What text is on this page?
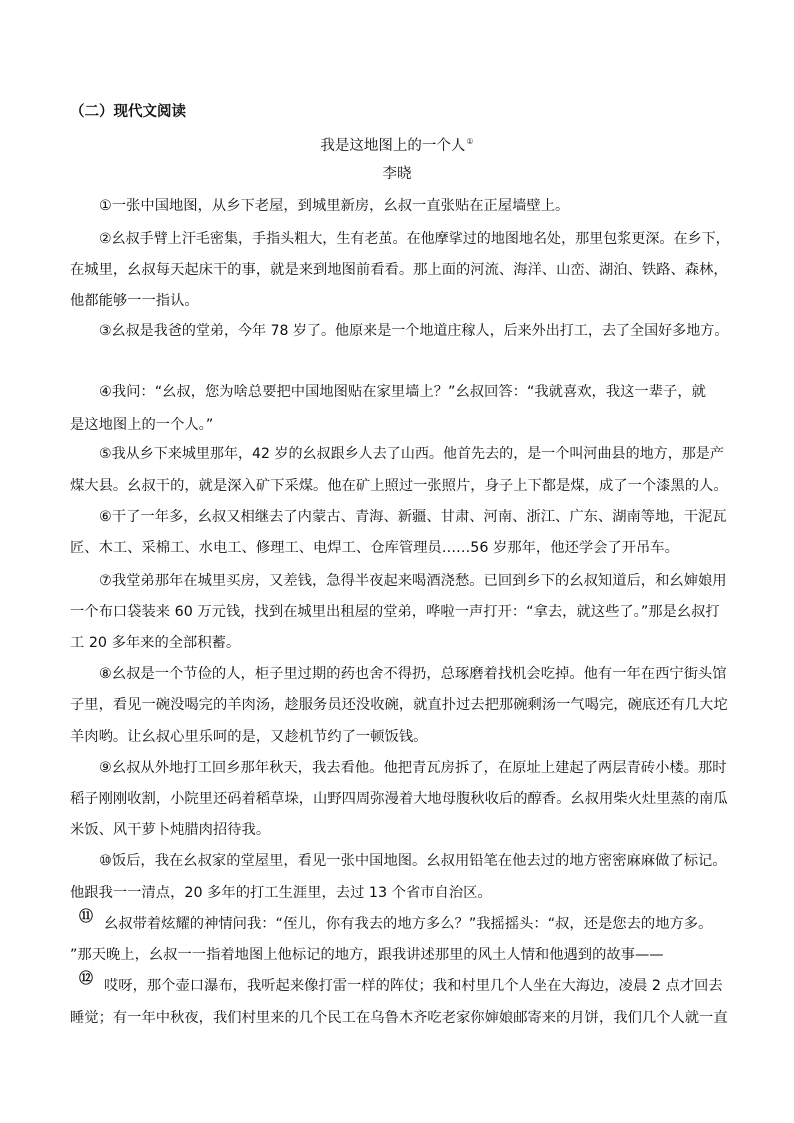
（二）现代文阅读
我是这地图上的一个人①
李晓
①一张中国地图，从乡下老屋，到城里新房，幺叔一直张贴在正屋墙壁上。
②幺叔手臂上汗毛密集，手指头粗大，生有老茧。在他摩挲过的地图地名处，那里包浆更深。在乡下，
在城里，幺叔每天起床干的事，就是来到地图前看看。那上面的河流、海洋、山峦、湖泊、铁路、森林，
他都能够一一指认。
③幺叔是我爸的堂弟，今年 78 岁了。他原来是一个地道庄稼人，后来外出打工，去了全国好多地方。
④我问：“幺叔，您为啥总要把中国地图贴在家里墙上？”幺叔回答：“我就喜欢，我这一辈子，就
是这地图上的一个人。”
⑤我从乡下来城里那年，42 岁的幺叔跟乡人去了山西。他首先去的，是一个叫河曲县的地方，那是产
煤大县。幺叔干的，就是深入矿下采煤。他在矿上照过一张照片，身子上下都是煤，成了一个漆黑的人。
⑥干了一年多，幺叔又相继去了内蒙古、青海、新疆、甘肃、河南、浙江、广东、湖南等地，干泥瓦
匠、木工、采棉工、水电工、修理工、电焊工、仓库管理员……56 岁那年，他还学会了开吊车。
⑦我堂弟那年在城里买房，又差钱，急得半夜起来喝酒浇愁。已回到乡下的幺叔知道后，和幺婶娘用
一个布口袋装来 60 万元钱，找到在城里出租屋的堂弟，哗啦一声打开：“拿去，就这些了。”那是幺叔打
工 20 多年来的全部积蓄。
⑧幺叔是一个节俭的人，柜子里过期的药也舍不得扔，总琢磨着找机会吃掉。他有一年在西宁街头馆
子里，看见一碗没喝完的羊肉汤，趁服务员还没收碗，就直扑过去把那碗剩汤一气喝完，碗底还有几大坨
羊肉哟。让幺叔心里乐呵的是，又趁机节约了一顿饭钱。
⑨幺叔从外地打工回乡那年秋天，我去看他。他把青瓦房拆了，在原址上建起了两层青砖小楼。那时
稻子刚刚收割，小院里还码着稻草垛，山野四周弥漫着大地母腹秋收后的醇香。幺叔用柴火灶里蒸的南瓜
米饭、风干萝卜炖腊肉招待我。
⑩饭后，我在幺叔家的堂屋里，看见一张中国地图。幺叔用铅笔在他去过的地方密密麻麻做了标记。
他跟我一一清点，20 多年的打工生涯里，去过 13 个省市自治区。
⑪ 幺叔带着炫耀的神情问我：“侄儿，你有我去的地方多么？”我摇摇头：“叔，还是您去的地方多。
”那天晚上，幺叔一一指着地图上他标记的地方，跟我讲述那里的风土人情和他遇到的故事——
⑫ 哎呀，那个壶口瀑布，我听起来像打雷一样的阵仗；我和村里几个人坐在大海边，凌晨 2 点才回去
睡觉；有一年中秋夜，我们村里来的几个民工在乌鲁木齐吃老家你婶娘邮寄来的月饼，我们几个人就一直
